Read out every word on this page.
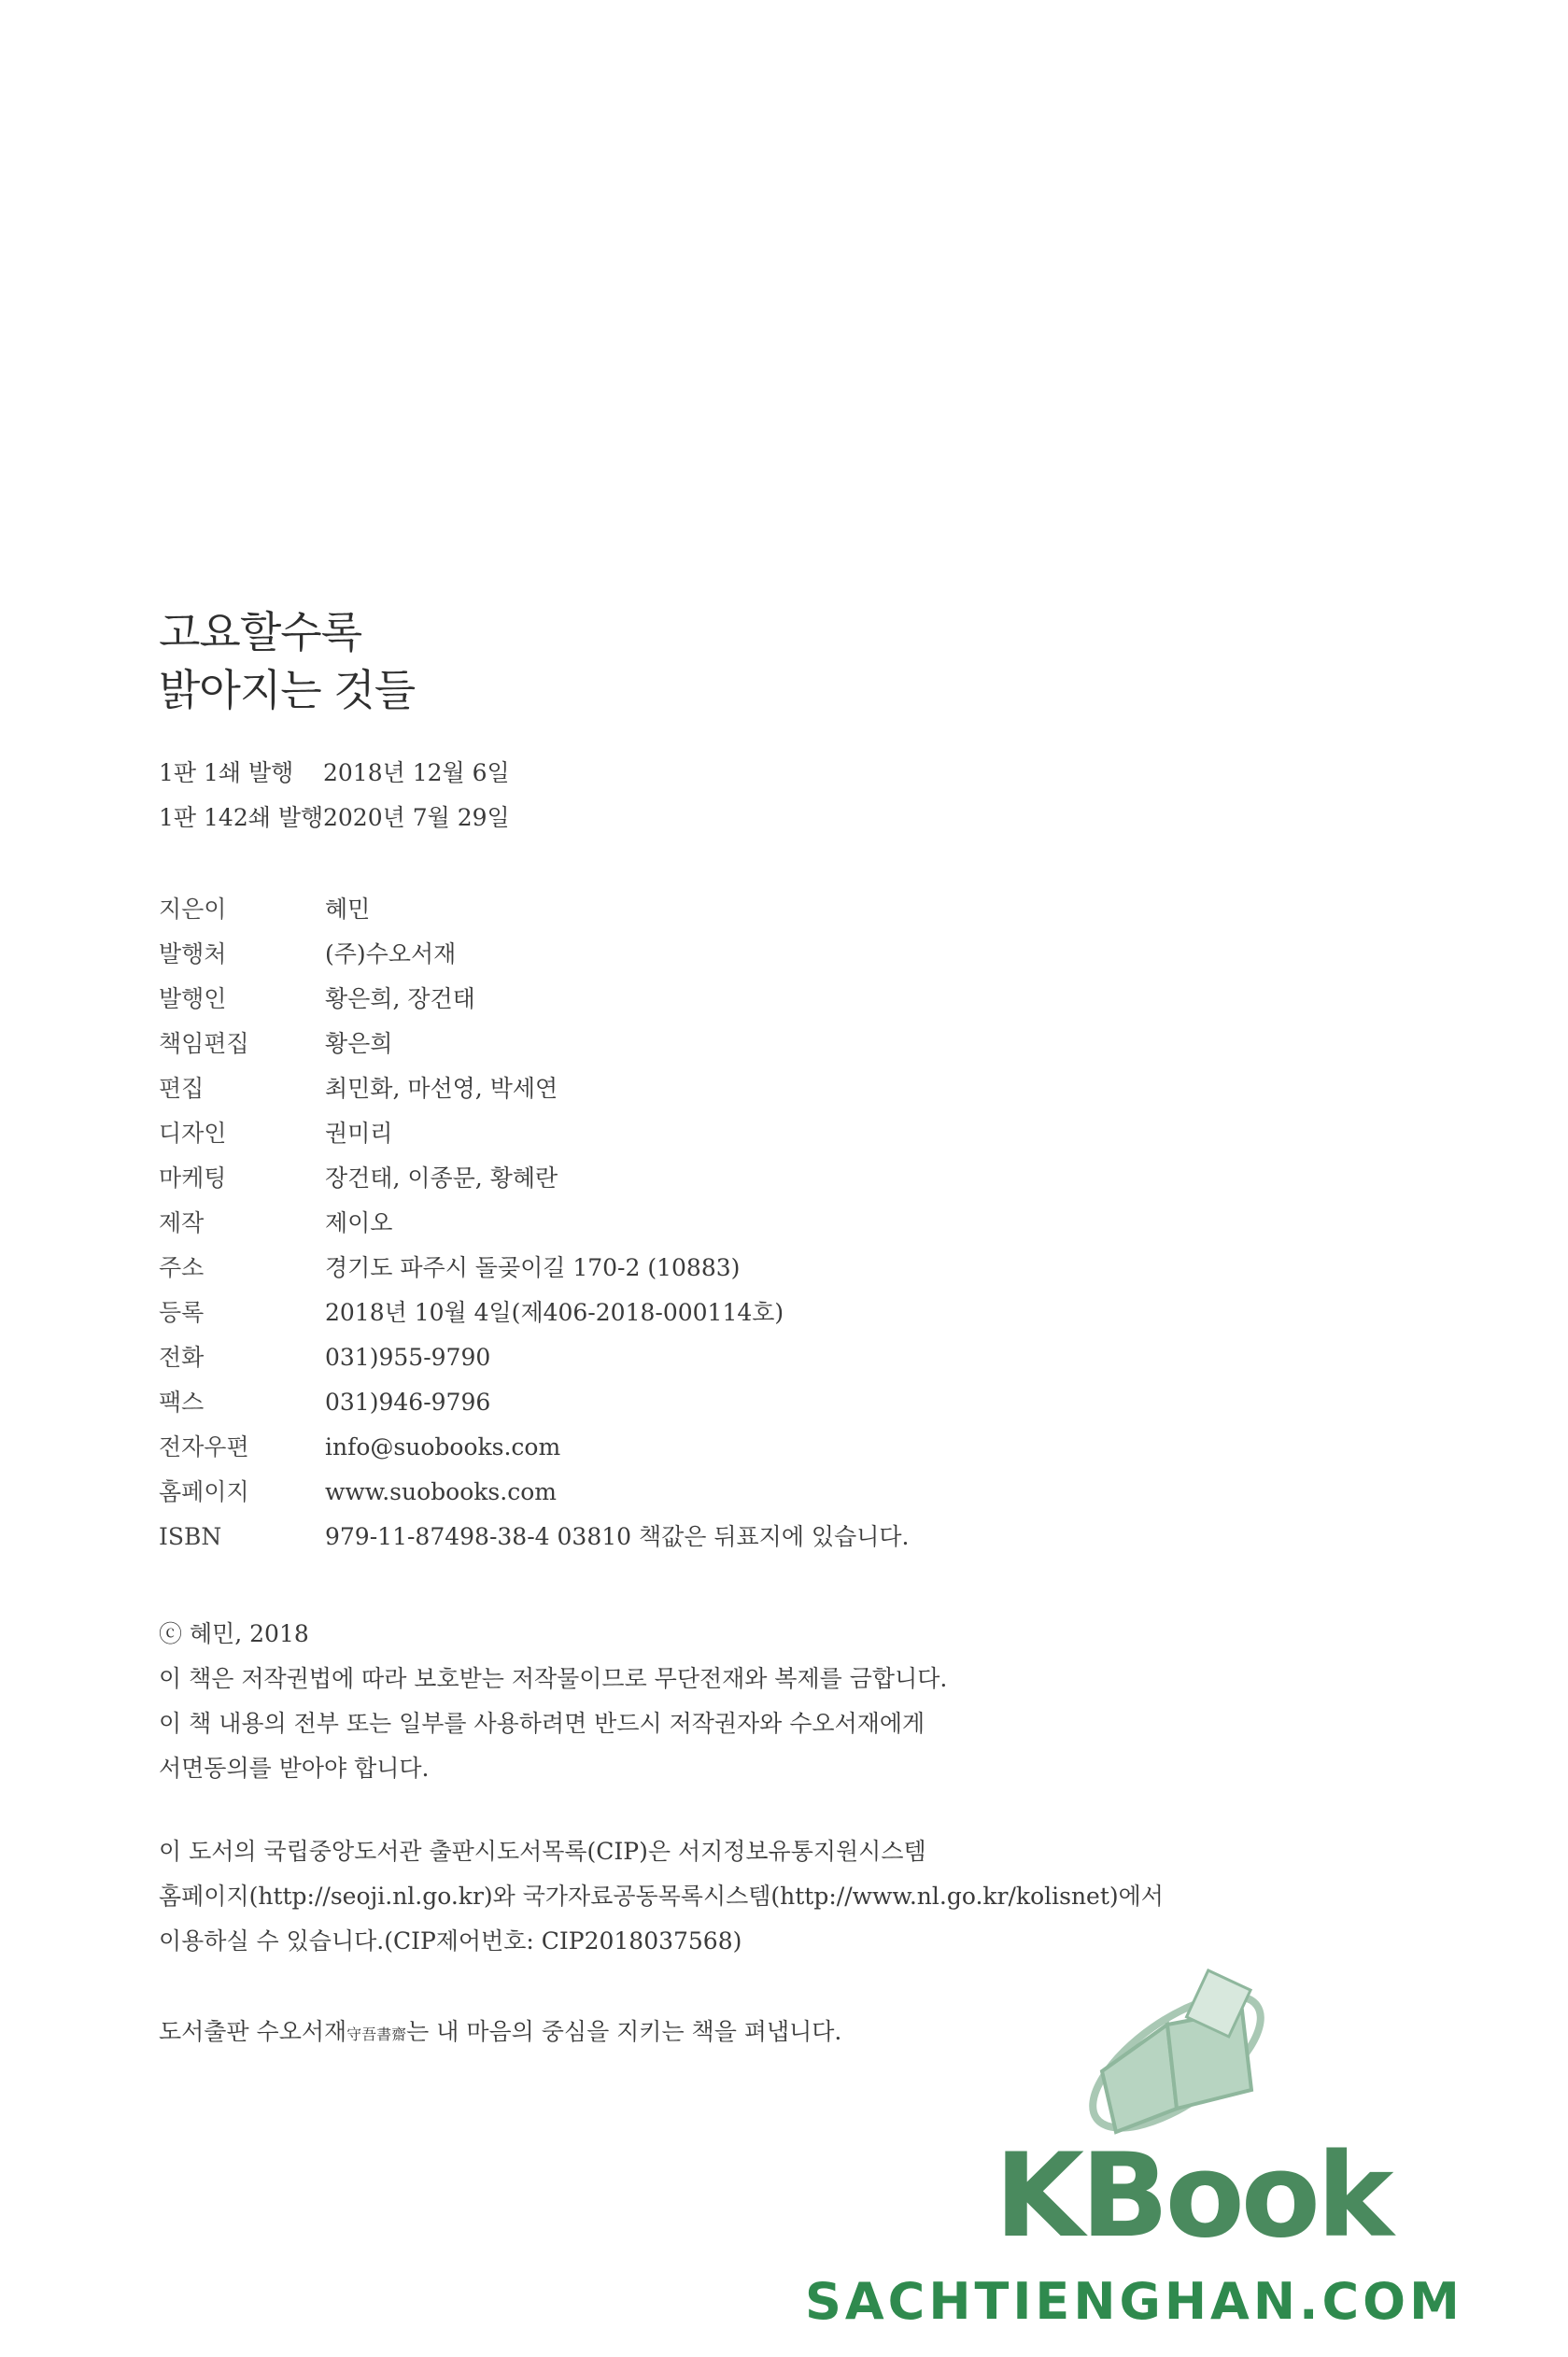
고요할수록
밝아지는 것들
1판 1쇄 발행	2018년 12월 6일
1판 142쇄 발행 2020년 7월 29일
지은이	혜민
발행처	(주)수오서재
발행인	황은희, 장건태
책임편집	황은희
편집	최민화, 마선영, 박세연
디자인	권미리
마케팅	장건태, 이종문, 황혜란
제작	제이오
주소	경기도 파주시 돌곶이길 170-2 (10883)
등록	2018년 10월 4일(제406-2018-000114호)
전화	031)955-9790
팩스	031)946-9796
전자우편	info@suobooks.com
홈페이지	www.suobooks.com
ISBN	979-11-87498-38-4 03810 책값은 뒤표지에 있습니다.
ⓒ 혜민, 2018
이 책은 저작권법에 따라 보호받는 저작물이므로 무단전재와 복제를 금합니다.
이 책 내용의 전부 또는 일부를 사용하려면 반드시 저작권자와 수오서재에게
서면동의를 받아야 합니다.
이 도서의 국립중앙도서관 출판시도서목록(CIP)은 서지정보유통지원시스템
홈페이지(http://seoji.nl.go.kr)와 국가자료공동목록시스템(http://www.nl.go.kr/kolisnet)에서
이용하실 수 있습니다.(CIP제어번호: CIP2018037568)
도서출판 수오서재守吾書齋는 내 마음의 중심을 지키는 책을 펴냅니다.
KBook
SACHTIENGHAN.COM
